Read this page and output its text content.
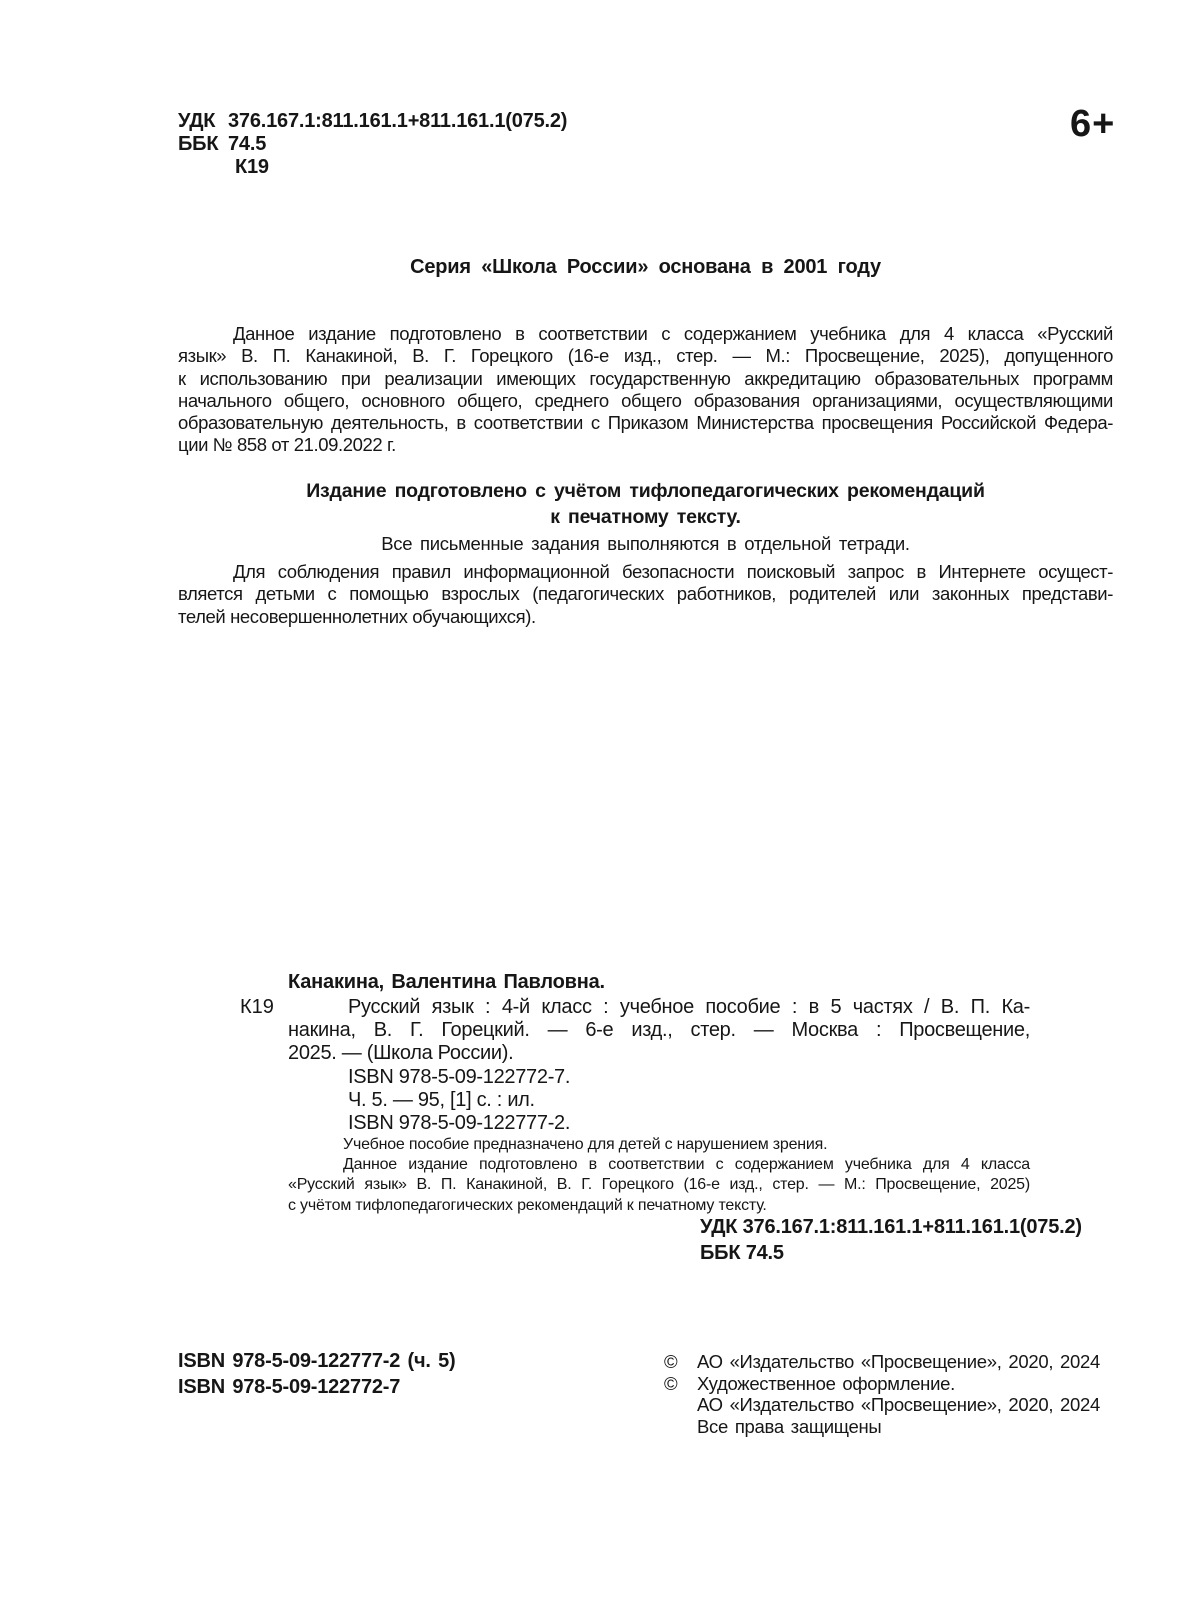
УДК 376.167.1:811.161.1+811.161.1(075.2)
ББК 74.5
К19
6+
Серия «Школа России» основана в 2001 году
Данное издание подготовлено в соответствии с содержанием учебника для 4 класса «Русский
язык» В. П. Канакиной, В. Г. Горецкого (16-е изд., стер. — М.: Просвещение, 2025), допущенного
к использованию при реализации имеющих государственную аккредитацию образовательных программ
начального общего, основного общего, среднего общего образования организациями, осуществляющими
образовательную деятельность, в соответствии с Приказом Министерства просвещения Российской Федера-
ции № 858 от 21.09.2022 г.
Издание подготовлено с учётом тифлопедагогических рекомендаций
к печатному тексту.
Все письменные задания выполняются в отдельной тетради.
Для соблюдения правил информационной безопасности поисковый запрос в Интернете осущест-
вляется детьми с помощью взрослых (педагогических работников, родителей или законных представи-
телей несовершеннолетних обучающихся).
Канакина, Валентина Павловна.
К19	Русский язык : 4-й класс : учебное пособие : в 5 частях / В. П. Ка-
накина, В. Г. Горецкий. — 6-е изд., стер. — Москва : Просвещение,
2025. — (Школа России).
ISBN 978-5-09-122772-7.
Ч. 5. — 95, [1] с. : ил.
ISBN 978-5-09-122777-2.
Учебное пособие предназначено для детей с нарушением зрения.
Данное издание подготовлено в соответствии с содержанием учебника для 4 класса
«Русский язык» В. П. Канакиной, В. Г. Горецкого (16-е изд., стер. — М.: Просвещение, 2025)
с учётом тифлопедагогических рекомендаций к печатному тексту.
УДК 376.167.1:811.161.1+811.161.1(075.2)
ББК 74.5
ISBN 978-5-09-122777-2 (ч. 5)
ISBN 978-5-09-122772-7
©	АО «Издательство «Просвещение», 2020, 2024
©	Художественное оформление.
АО «Издательство «Просвещение», 2020, 2024
Все права защищены
